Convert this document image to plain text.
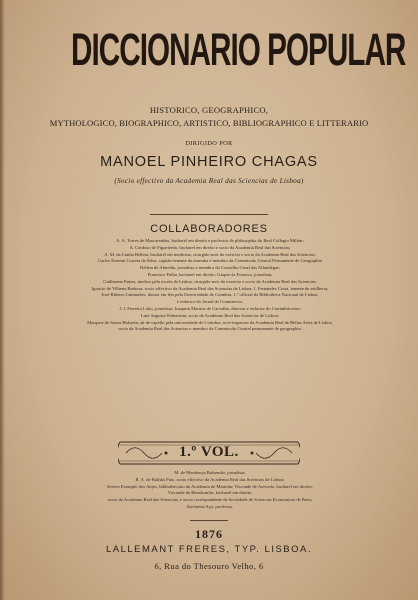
DICCIONARIO POPULAR
HISTORICO, GEOGRAPHICO,
MYTHOLOGICO, BIOGRAPHICO, ARTISTICO, BIBLIOGRAPHICO E LITTERARIO
DIRIGIDO POR
MANOEL PINHEIRO CHAGAS
(Socio effectivo da Academia Real das Sciencias de Lisboa)
COLLABORADORES
A. A. Torres de Mascarenhas, bacharel em direito e professor de philosophia do Real Collegio Militar;
A. Cardoso de Figueiredo, bacharel em direito e socio da Academia Real das Sciencias;
A. M. da Cunha Bellem, bacharel em medicina, cirurgião-mór do exercito e socio da Academia Real das Sciencias;
Carlos Ernesto Correia da Silva, capitão-tenente da marinha e membro da Commissão Central Permanente de Geographia
Delfim de Almeida, jornalista e membro do Conselho Geral das Alfandegas;
Francisco Palha, bacharel em direito; Gaspar da Fonseca, jornalista;
Guilherme Ennes, medico pela escola de Lisboa, cirurgião-mór do exercito e socio da Academia Real das Sciencias;
Ignacio de Vilhena Barbosa, socio effectivo da Academia Real das Sciencias de Lisboa; J. Fernandes Costa, tenente de artilheria;
José Ribeiro Guimarães, doutor em leis pela Universidade de Coimbra, 1.º official da Bibliotheca Nacional de Lisboa,
e redactor do Jornal do Commercio;
J. J. Ferreira Lobo, jornalista; Joaquim Martins de Carvalho, director e redactor do Conimbricense;
Luiz Augusto Palmeirim, socio da Academia Real das Sciencias de Lisboa;
Marquez de Sousa Holstein, de de capello pela universidade de Coimbra, vice-inspector da Academia Real de Bellas Artes de Lisboa,
socio da Academia Real das Sciencias e membro da Commissão Central permanente de geographia;
1.º VOL.
M. de Mendonça Balsemão, jornalista;
R. A. de Bulhão Pato, socio effectivo da Academia Real das Sciencias de Lisboa;
Severo Exemplo dos Anjos, bibliothecario da Academia de Marinha; Visconde de Azevedo, bacharel em direito,
Visconde de Benalcanfor, bacharel em direito,
socio da Academia Real das Sciencias, e socio correspondente da Sociedade de Sciencias Economicas de Paris;
Zacharias Aço, professor.
1876
LALLEMANT FRERES, TYP. LISBOA.
6, Rua do Thesouro Velho, 6
